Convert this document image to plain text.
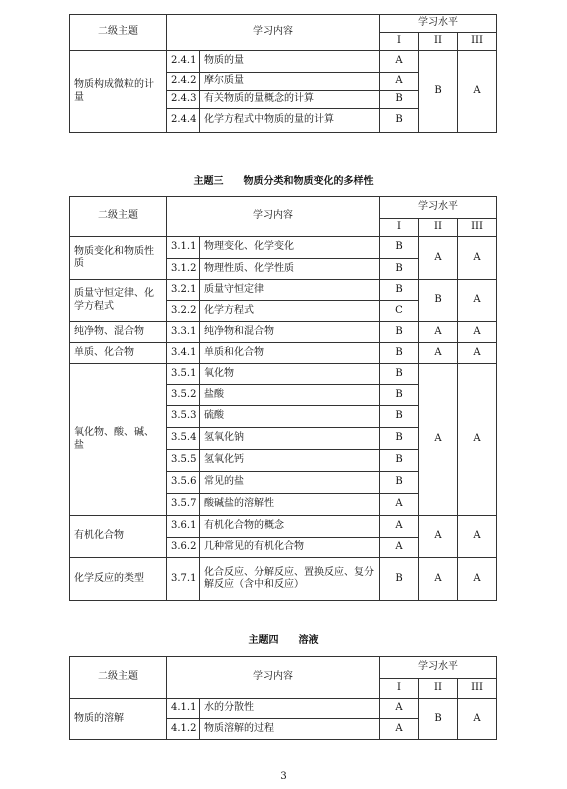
二级主题	学习内容		学习水平		
			I	II	III
物质构成微粒的计量	2.4.1	物质的量	A	B	A
	2.4.2	摩尔质量	A		
	2.4.3	有关物质的量概念的计算	B		
	2.4.4	化学方程式中物质的量的计算	B		
主题三　　物质分类和物质变化的多样性
二级主题	学习内容		学习水平		
			I	II	III
物质变化和物质性质	3.1.1	物理变化、化学变化	B	A	A
	3.1.2	物理性质、化学性质	B		
质量守恒定律、化学方程式	3.2.1	质量守恒定律	B	B	A
	3.2.2	化学方程式	C		
纯净物、混合物	3.3.1	纯净物和混合物	B	A	A
单质、化合物	3.4.1	单质和化合物	B	A	A
氧化物、酸、碱、盐	3.5.1	氧化物	B	A	A
	3.5.2	盐酸	B		
	3.5.3	硫酸	B		
	3.5.4	氢氧化钠	B		
	3.5.5	氢氧化钙	B		
	3.5.6	常见的盐	B		
	3.5.7	酸碱盐的溶解性	A		
有机化合物	3.6.1	有机化合物的概念	A	A	A
	3.6.2	几种常见的有机化合物	A		
化学反应的类型	3.7.1	化合反应、分解反应、置换反应、复分解反应（含中和反应）	B	A	A
主题四　　溶液
二级主题	学习内容		学习水平		
			I	II	III
物质的溶解	4.1.1	水的分散性	A	B	A
	4.1.2	物质溶解的过程	A		
3
